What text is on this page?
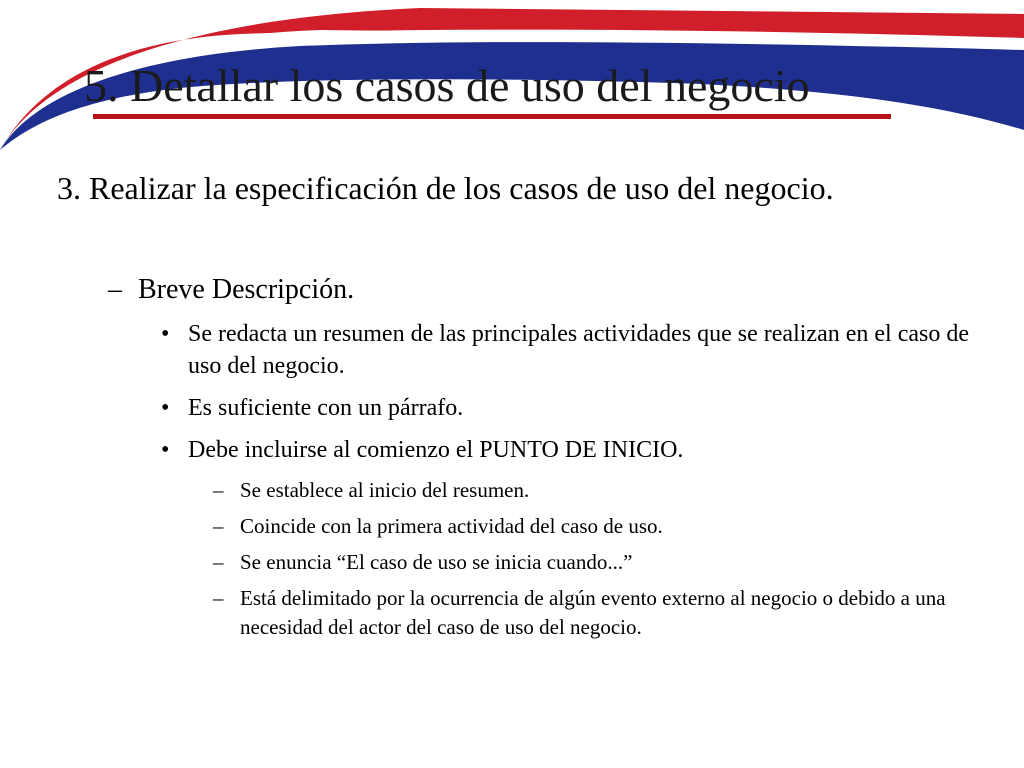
5. Detallar los casos de uso del negocio

3. Realizar la especificación de los casos de uso del negocio.

– Breve Descripción.

• Se redacta un resumen de las principales actividades que se realizan en el caso de uso del negocio.
• Es suficiente con un párrafo.
• Debe incluirse al comienzo el PUNTO DE INICIO.
– Se establece al inicio del resumen.
– Coincide con la primera actividad del caso de uso.
– Se enuncia “El caso de uso se inicia cuando...”
– Está delimitado por la ocurrencia de algún evento externo al negocio o debido a una necesidad del actor del caso de uso del negocio.
